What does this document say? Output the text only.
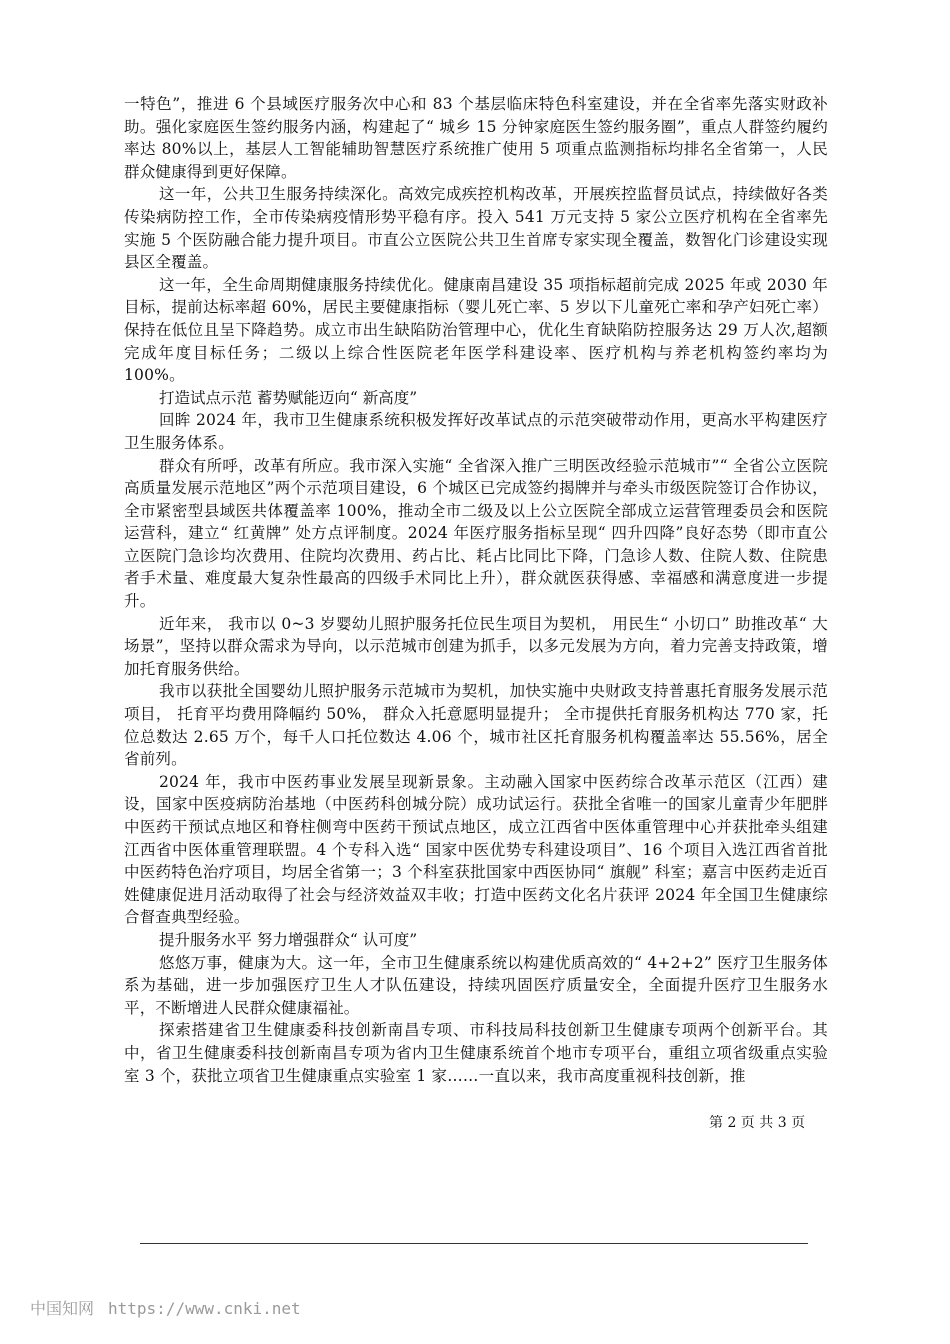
一特色”，推进 6 个县域医疗服务次中心和 83 个基层临床特色科室建设，并在全省率先落实财政补助。强化家庭医生签约服务内涵，构建起了“ 城乡 15 分钟家庭医生签约服务圈”，重点人群签约履约率达 80%以上，基层人工智能辅助智慧医疗系统推广使用 5 项重点监测指标均排名全省第一，人民群众健康得到更好保障。

这一年，公共卫生服务持续深化。高效完成疾控机构改革，开展疾控监督员试点，持续做好各类传染病防控工作，全市传染病疫情形势平稳有序。投入 541 万元支持 5 家公立医疗机构在全省率先实施 5 个医防融合能力提升项目。市直公立医院公共卫生首席专家实现全覆盖，数智化门诊建设实现县区全覆盖。

这一年，全生命周期健康服务持续优化。健康南昌建设 35 项指标超前完成 2025 年或 2030 年目标，提前达标率超 60%，居民主要健康指标（婴儿死亡率、5 岁以下儿童死亡率和孕产妇死亡率）保持在低位且呈下降趋势。成立市出生缺陷防治管理中心，优化生育缺陷防控服务达 29 万人次,超额完成年度目标任务；二级以上综合性医院老年医学科建设率、医疗机构与养老机构签约率均为 100%。

打造试点示范 蓄势赋能迈向“ 新高度”

回眸 2024 年，我市卫生健康系统积极发挥好改革试点的示范突破带动作用，更高水平构建医疗卫生服务体系。

群众有所呼，改革有所应。我市深入实施“ 全省深入推广三明医改经验示范城市”“ 全省公立医院高质量发展示范地区”两个示范项目建设，6 个城区已完成签约揭牌并与牵头市级医院签订合作协议，全市紧密型县域医共体覆盖率 100%，推动全市二级及以上公立医院全部成立运营管理委员会和医院运营科，建立“ 红黄牌” 处方点评制度。2024 年医疗服务指标呈现“ 四升四降”良好态势（即市直公立医院门急诊均次费用、住院均次费用、药占比、耗占比同比下降，门急诊人数、住院人数、住院患者手术量、难度最大复杂性最高的四级手术同比上升），群众就医获得感、幸福感和满意度进一步提升。

近年来， 我市以 0~3 岁婴幼儿照护服务托位民生项目为契机， 用民生“ 小切口” 助推改革“ 大场景”，坚持以群众需求为导向，以示范城市创建为抓手，以多元发展为方向，着力完善支持政策，增加托育服务供给。

我市以获批全国婴幼儿照护服务示范城市为契机，加快实施中央财政支持普惠托育服务发展示范项目， 托育平均费用降幅约 50%， 群众入托意愿明显提升； 全市提供托育服务机构达 770 家，托位总数达 2.65 万个，每千人口托位数达 4.06 个，城市社区托育服务机构覆盖率达 55.56%，居全省前列。

2024 年，我市中医药事业发展呈现新景象。主动融入国家中医药综合改革示范区（江西）建设，国家中医疫病防治基地（中医药科创城分院）成功试运行。获批全省唯一的国家儿童青少年肥胖中医药干预试点地区和脊柱侧弯中医药干预试点地区，成立江西省中医体重管理中心并获批牵头组建江西省中医体重管理联盟。4 个专科入选“ 国家中医优势专科建设项目”、16 个项目入选江西省首批中医药特色治疗项目，均居全省第一；3 个科室获批国家中西医协同“ 旗舰” 科室；嘉言中医药走近百姓健康促进月活动取得了社会与经济效益双丰收；打造中医药文化名片获评 2024 年全国卫生健康综合督查典型经验。

提升服务水平 努力增强群众“ 认可度”

悠悠万事，健康为大。这一年，全市卫生健康系统以构建优质高效的“ 4+2+2” 医疗卫生服务体系为基础，进一步加强医疗卫生人才队伍建设，持续巩固医疗质量安全，全面提升医疗卫生服务水平，不断增进人民群众健康福祉。

探索搭建省卫生健康委科技创新南昌专项、市科技局科技创新卫生健康专项两个创新平台。其中，省卫生健康委科技创新南昌专项为省内卫生健康系统首个地市专项平台，重组立项省级重点实验室 3 个，获批立项省卫生健康重点实验室 1 家……一直以来，我市高度重视科技创新，推

第 2 页 共 3 页
中国知网 https://www.cnki.net
